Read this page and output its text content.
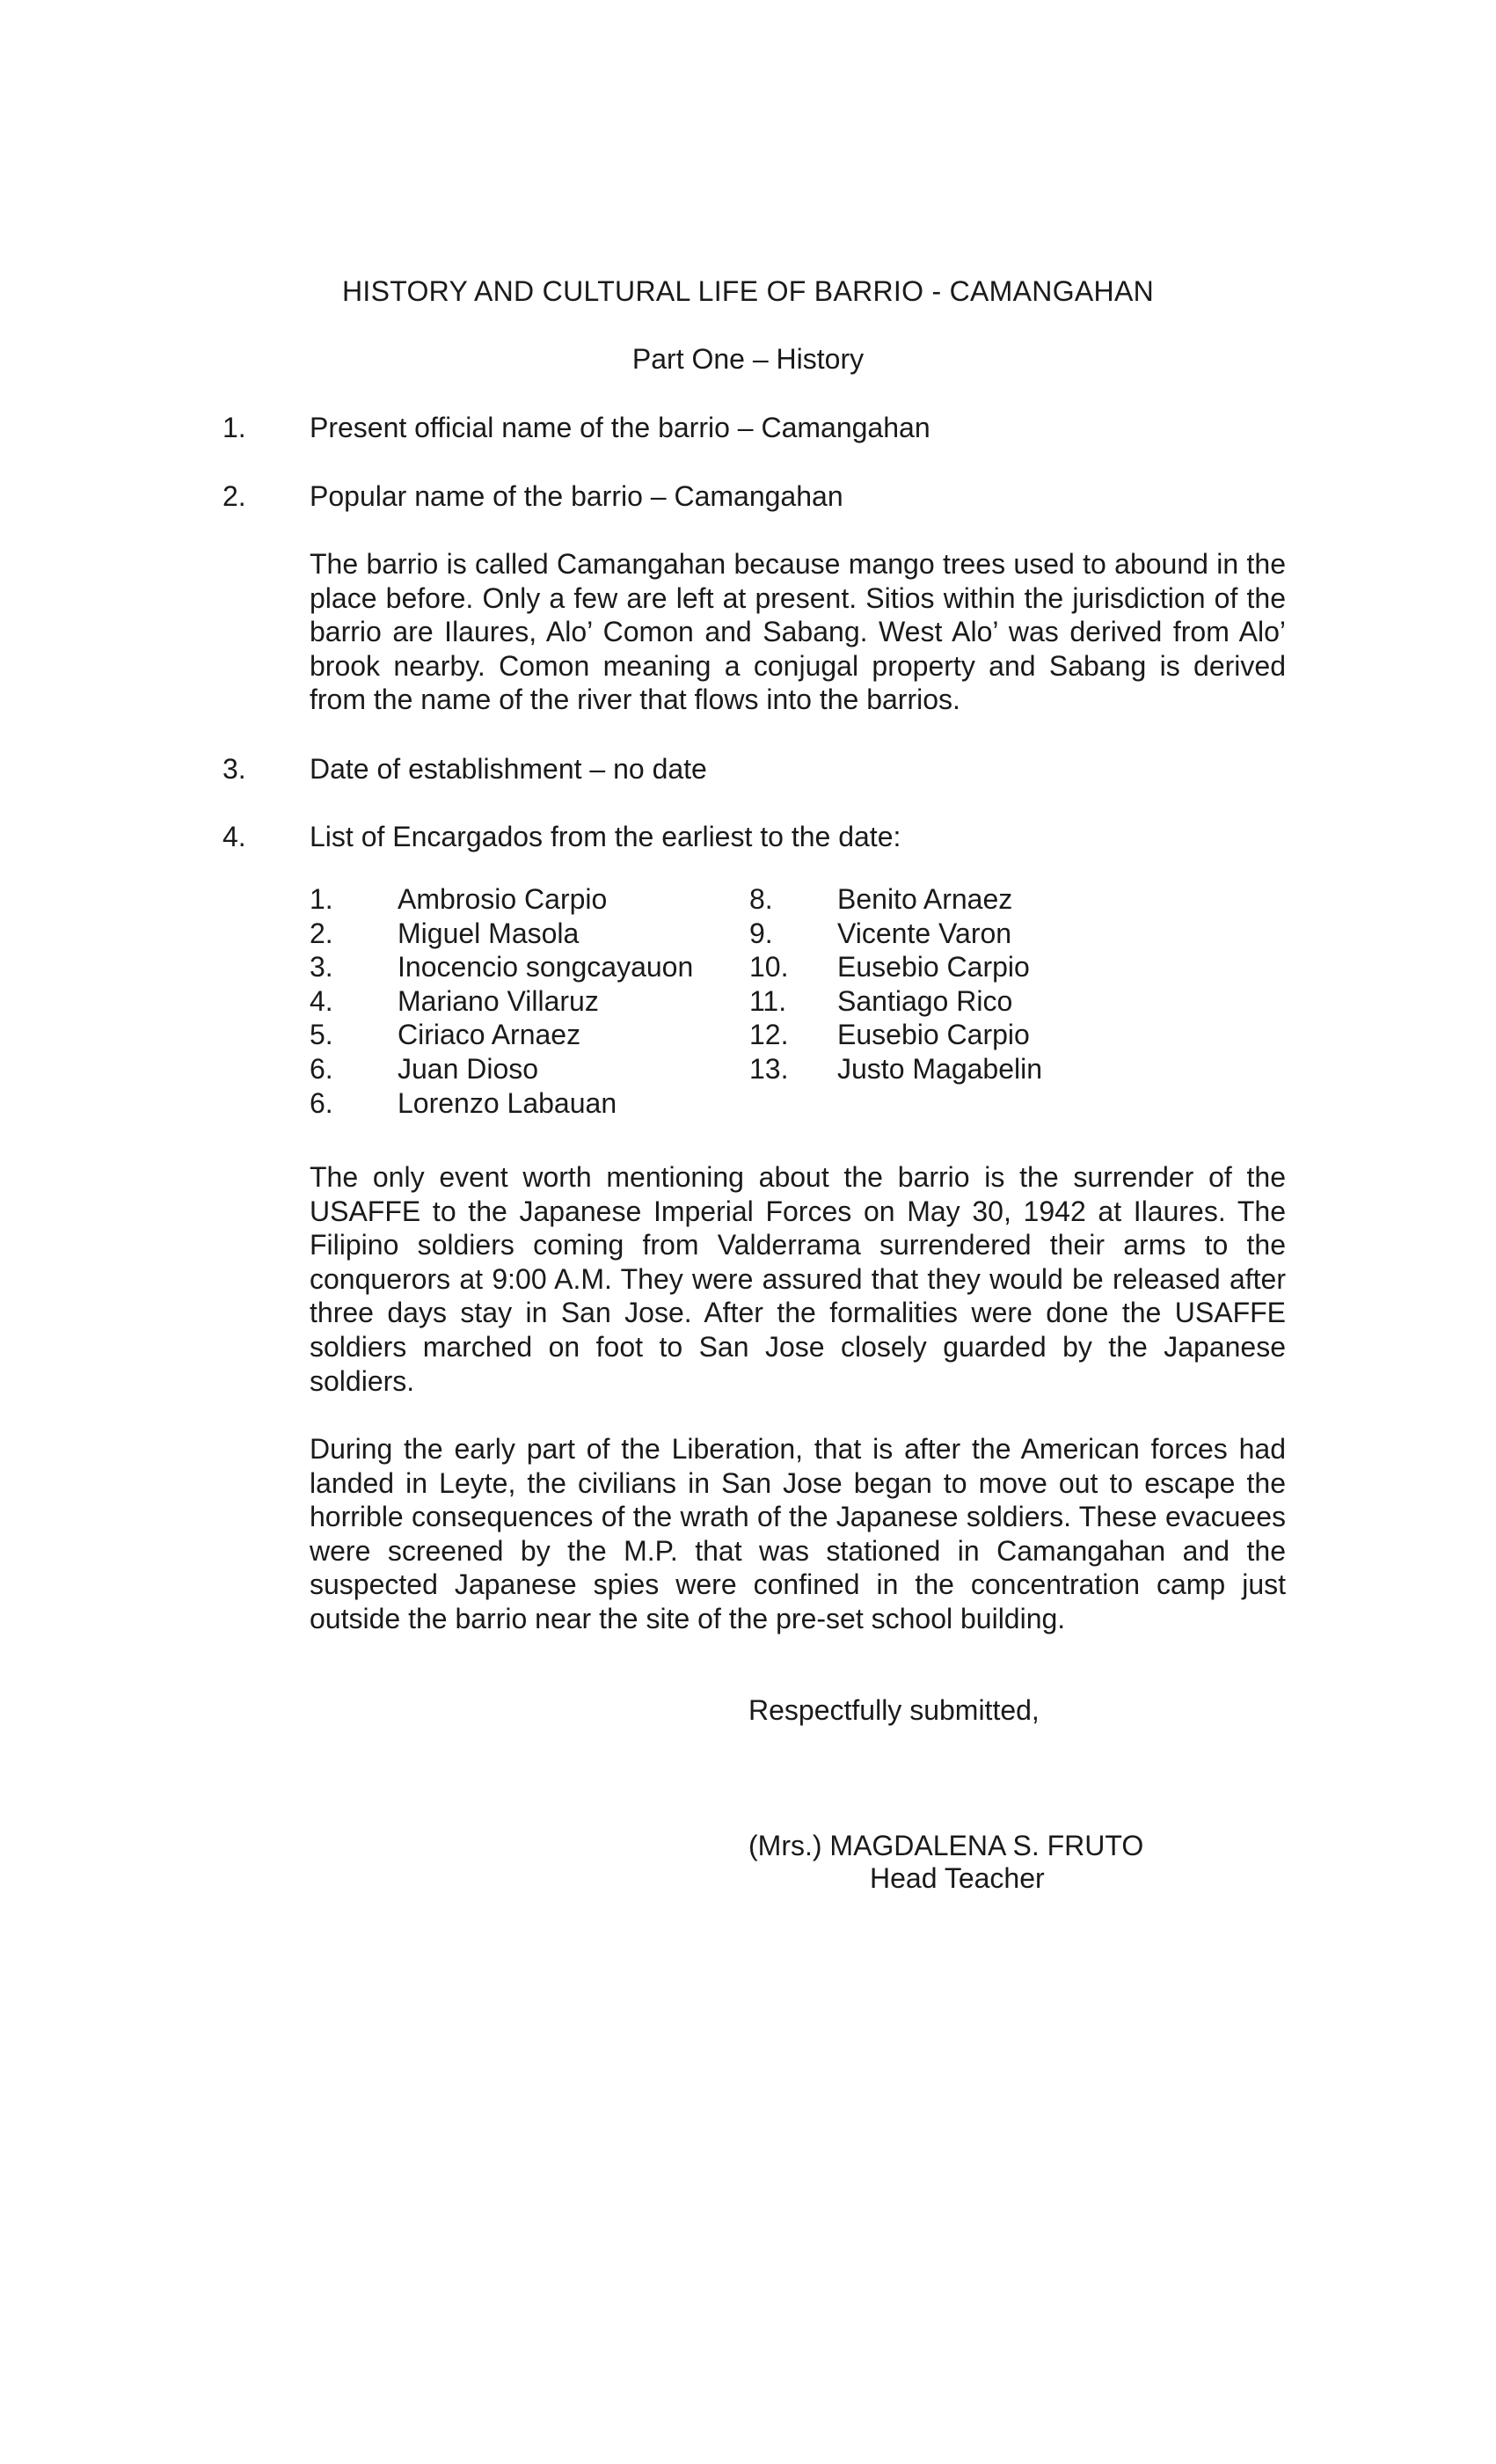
HISTORY AND CULTURAL LIFE OF BARRIO - CAMANGAHAN
Part One – History
1. Present official name of the barrio – Camangahan
2. Popular name of the barrio – Camangahan
The barrio is called Camangahan because mango trees used to abound in the place before. Only a few are left at present. Sitios within the jurisdiction of the barrio are Ilaures, Alo’ Comon and Sabang. West Alo’ was derived from Alo’ brook nearby. Comon meaning a conjugal property and Sabang is derived from the name of the river that flows into the barrios.
3. Date of establishment – no date
4. List of Encargados from the earliest to the date:
1. Ambrosio Carpio
2. Miguel Masola
3. Inocencio songcayauon
4. Mariano Villaruz
5. Ciriaco Arnaez
6. Juan Dioso
6. Lorenzo Labauan
8. Benito Arnaez
9. Vicente Varon
10. Eusebio Carpio
11. Santiago Rico
12. Eusebio Carpio
13. Justo Magabelin
The only event worth mentioning about the barrio is the surrender of the USAFFE to the Japanese Imperial Forces on May 30, 1942 at Ilaures. The Filipino soldiers coming from Valderrama surrendered their arms to the conquerors at 9:00 A.M. They were assured that they would be released after three days stay in San Jose. After the formalities were done the USAFFE soldiers marched on foot to San Jose closely guarded by the Japanese soldiers.
During the early part of the Liberation, that is after the American forces had landed in Leyte, the civilians in San Jose began to move out to escape the horrible consequences of the wrath of the Japanese soldiers. These evacuees were screened by the M.P. that was stationed in Camangahan and the suspected Japanese spies were confined in the concentration camp just outside the barrio near the site of the pre-set school building.
Respectfully submitted,
(Mrs.) MAGDALENA S. FRUTO
Head Teacher
